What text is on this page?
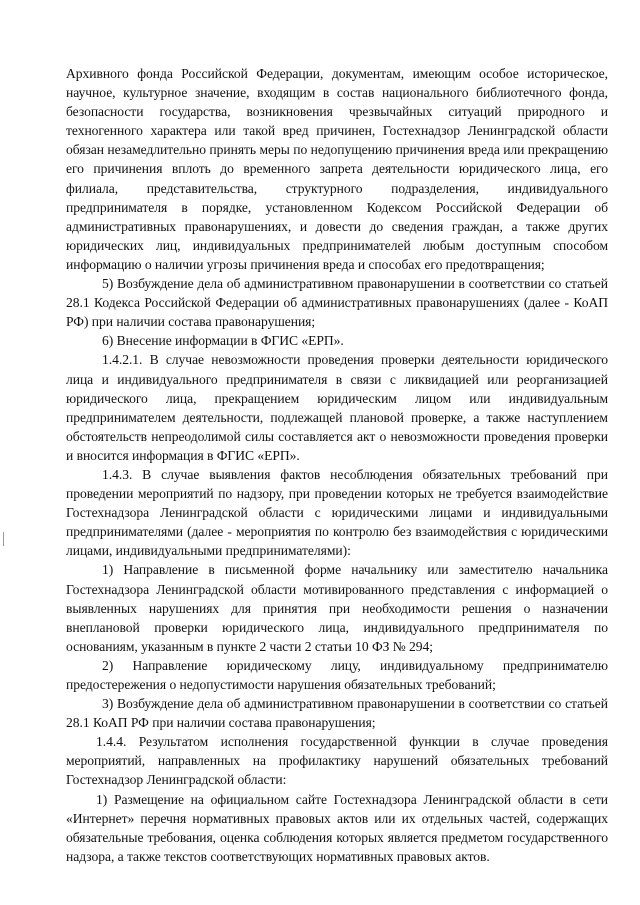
Архивного фонда Российской Федерации, документам, имеющим особое историческое, научное, культурное значение, входящим в состав национального библиотечного фонда, безопасности государства, возникновения чрезвычайных ситуаций природного и техногенного характера или такой вред причинен, Гостехнадзор Ленинградской области обязан незамедлительно принять меры по недопущению причинения вреда или прекращению его причинения вплоть до временного запрета деятельности юридического лица, его филиала, представительства, структурного подразделения, индивидуального предпринимателя в порядке, установленном Кодексом Российской Федерации об административных правонарушениях, и довести до сведения граждан, а также других юридических лиц, индивидуальных предпринимателей любым доступным способом информацию о наличии угрозы причинения вреда и способах его предотвращения;

5) Возбуждение дела об административном правонарушении в соответствии со статьей 28.1 Кодекса Российской Федерации об административных правонарушениях (далее - КоАП РФ) при наличии состава правонарушения;

6) Внесение информации в ФГИС «ЕРП».

1.4.2.1. В случае невозможности проведения проверки деятельности юридического лица и индивидуального предпринимателя в связи с ликвидацией или реорганизацией юридического лица, прекращением юридическим лицом или индивидуальным предпринимателем деятельности, подлежащей плановой проверке, а также наступлением обстоятельств непреодолимой силы составляется акт о невозможности проведения проверки и вносится информация в ФГИС «ЕРП».

1.4.3. В случае выявления фактов несоблюдения обязательных требований при проведении мероприятий по надзору, при проведении которых не требуется взаимодействие Гостехнадзора Ленинградской области с юридическими лицами и индивидуальными предпринимателями (далее - мероприятия по контролю без взаимодействия с юридическими лицами, индивидуальными предпринимателями):

1) Направление в письменной форме начальнику или заместителю начальника Гостехнадзора Ленинградской области мотивированного представления с информацией о выявленных нарушениях для принятия при необходимости решения о назначении внеплановой проверки юридического лица, индивидуального предпринимателя по основаниям, указанным в пункте 2 части 2 статьи 10 ФЗ № 294;

2) Направление юридическому лицу, индивидуальному предпринимателю предостережения о недопустимости нарушения обязательных требований;

3) Возбуждение дела об административном правонарушении в соответствии со статьей 28.1 КоАП РФ при наличии состава правонарушения;

1.4.4. Результатом исполнения государственной функции в случае проведения мероприятий, направленных на профилактику нарушений обязательных требований Гостехнадзор Ленинградской области:

1) Размещение на официальном сайте Гостехнадзора Ленинградской области в сети «Интернет» перечня нормативных правовых актов или их отдельных частей, содержащих обязательные требования, оценка соблюдения которых является предметом государственного надзора, а также текстов соответствующих нормативных правовых актов.
